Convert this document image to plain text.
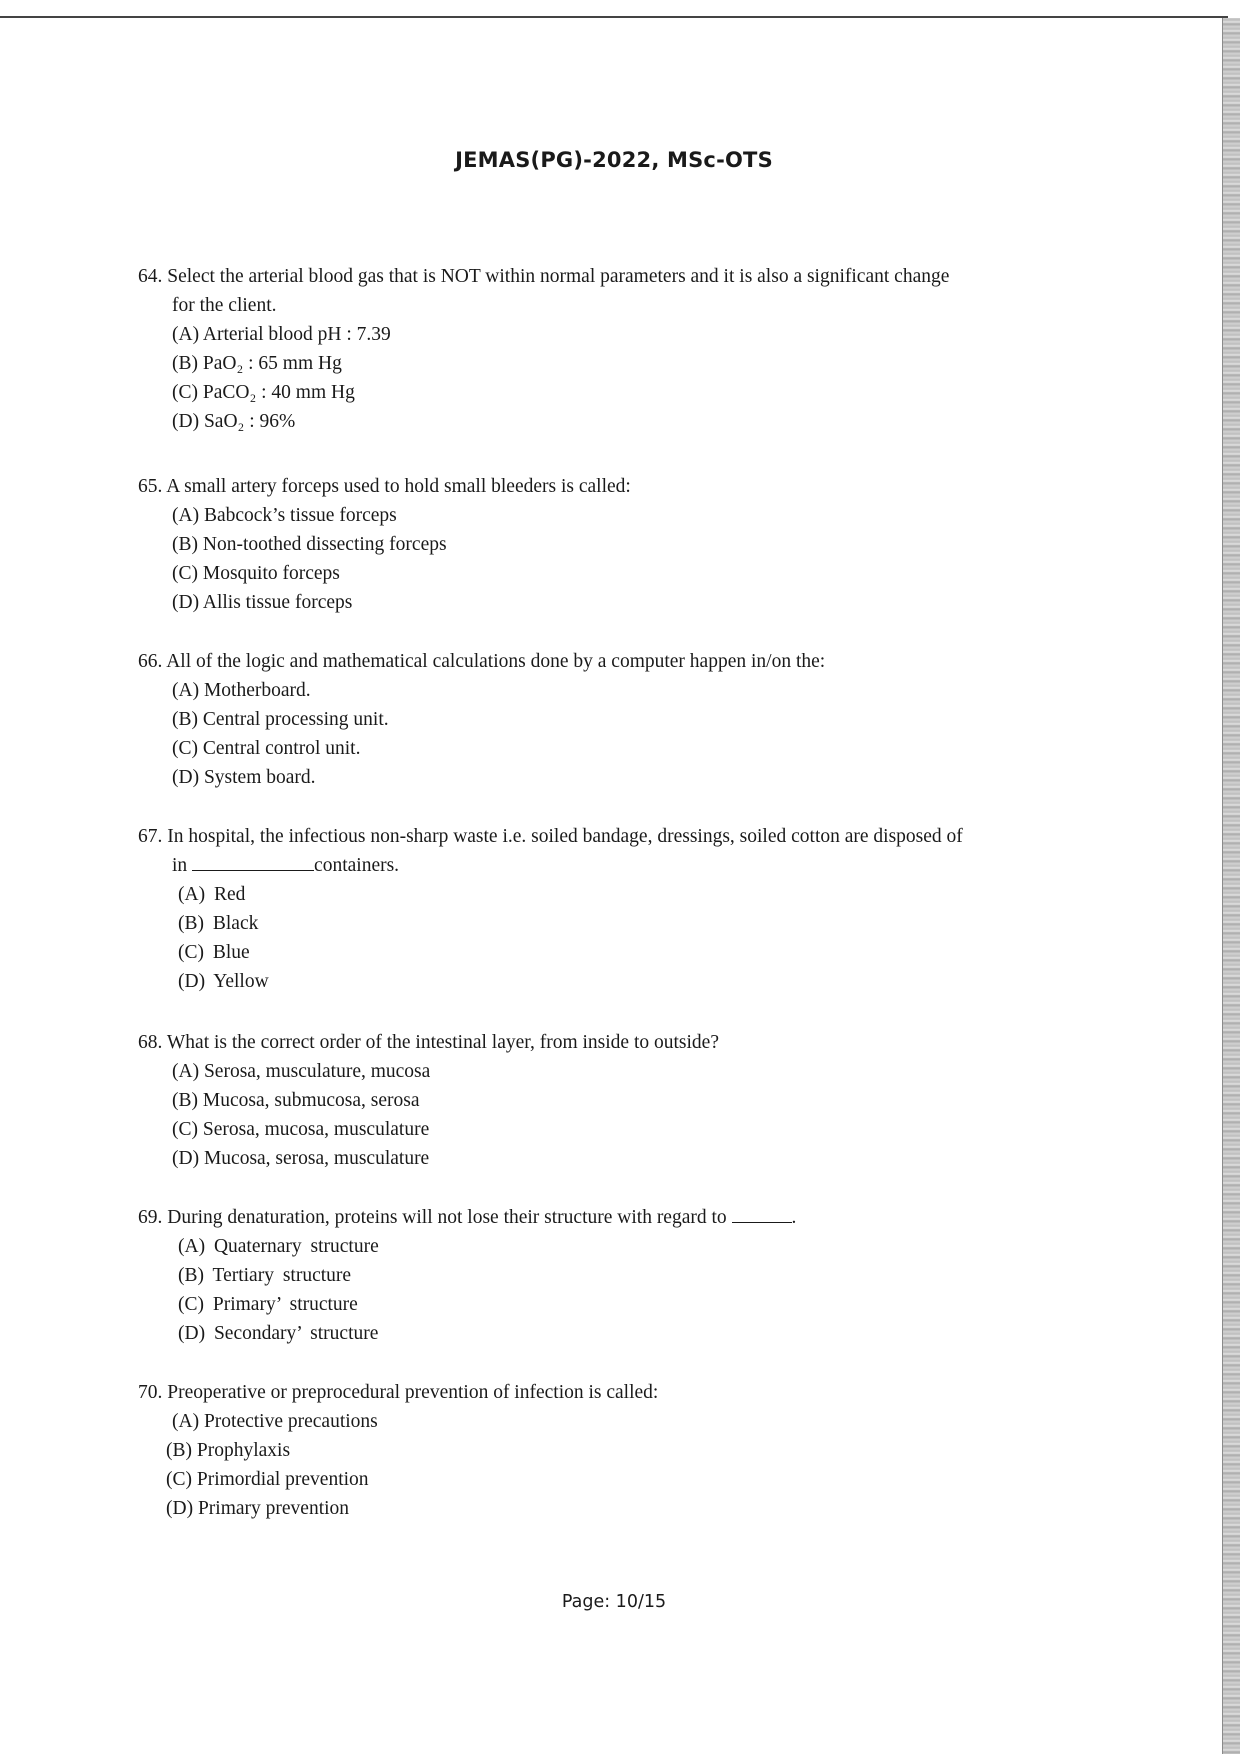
JEMAS(PG)-2022, MSc-OTS
64. Select the arterial blood gas that is NOT within normal parameters and it is also a significant change
for the client.
(A) Arterial blood pH : 7.39
(B) PaO₂ : 65 mm Hg
(C) PaCO₂ : 40 mm Hg
(D) SaO₂ : 96%
65. A small artery forceps used to hold small bleeders is called:
(A) Babcock’s tissue forceps
(B) Non-toothed dissecting forceps
(C) Mosquito forceps
(D) Allis tissue forceps
66. All of the logic and mathematical calculations done by a computer happen in/on the:
(A) Motherboard.
(B) Central processing unit.
(C) Central control unit.
(D) System board.
67. In hospital, the infectious non-sharp waste i.e. soiled bandage, dressings, soiled cotton are disposed of
in	containers.
(A) Red
(B) Black
(C) Blue
(D) Yellow
68. What is the correct order of the intestinal layer, from inside to outside?
(A) Serosa, musculature, mucosa
(B) Mucosa, submucosa, serosa
(C) Serosa, mucosa, musculature
(D) Mucosa, serosa, musculature
69. During denaturation, proteins will not lose their structure with regard to	.
(A) Quaternary structure
(B) Tertiary structure
(C) Primary’ structure
(D) Secondary’ structure
70. Preoperative or preprocedural prevention of infection is called:
(A) Protective precautions
(B) Prophylaxis
(C) Primordial prevention
(D) Primary prevention
Page: 10/15
